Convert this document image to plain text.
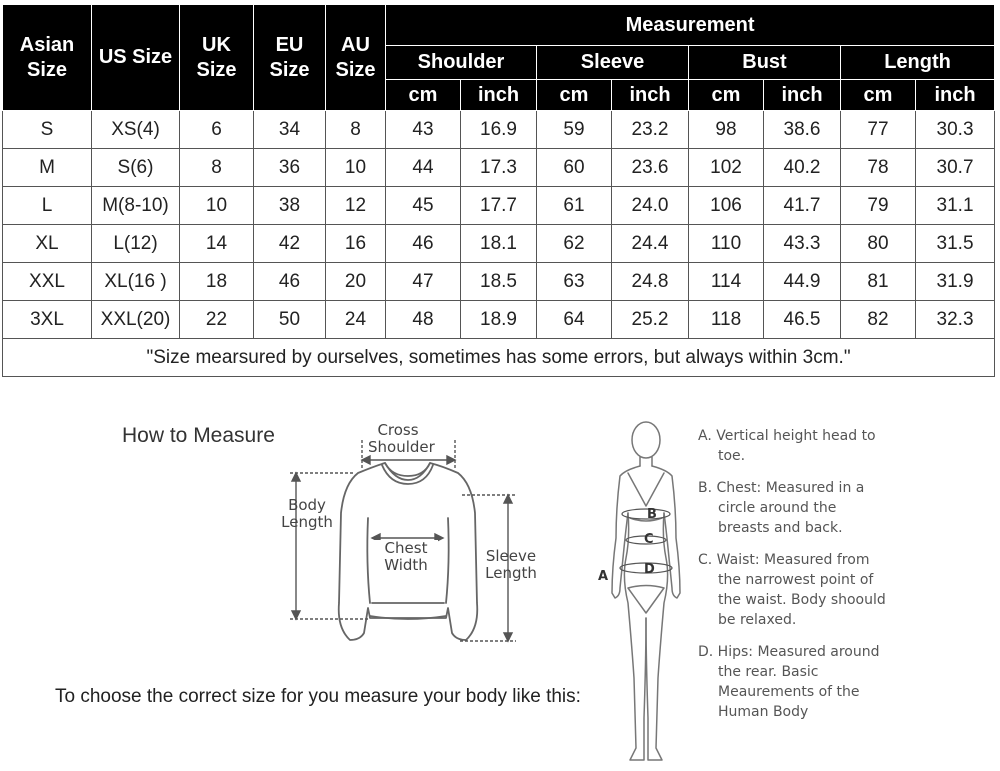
Asian Size	US Size	UK Size	EU Size	AU Size	Measurement							
					Shoulder		Sleeve		Bust		Length	
					cm	inch	cm	inch	cm	inch	cm	inch
S	XS(4)	6	34	8	43	16.9	59	23.2	98	38.6	77	30.3
M	S(6)	8	36	10	44	17.3	60	23.6	102	40.2	78	30.7
L	M(8-10)	10	38	12	45	17.7	61	24.0	106	41.7	79	31.1
XL	L(12)	14	42	16	46	18.1	62	24.4	110	43.3	80	31.5
XXL	XL(16 )	18	46	20	47	18.5	63	24.8	114	44.9	81	31.9
3XL	XXL(20)	22	50	24	48	18.9	64	25.2	118	46.5	82	32.3
"Size mearsured by ourselves, sometimes has some errors, but always within 3cm."												
How to Measure	Cross
Shoulder
Body
Length
Chest
Width	Sleeve
Length
To choose the correct size for you measure your body like this:
B
C
D
A

A. Vertical height head to toe.

B. Chest: Measured in a circle around the breasts and back.

C. Waist: Measured from the narrowest point of the waist. Body shoould be relaxed.

D. Hips: Measured around the rear. Basic Meaurements of the Human Body
